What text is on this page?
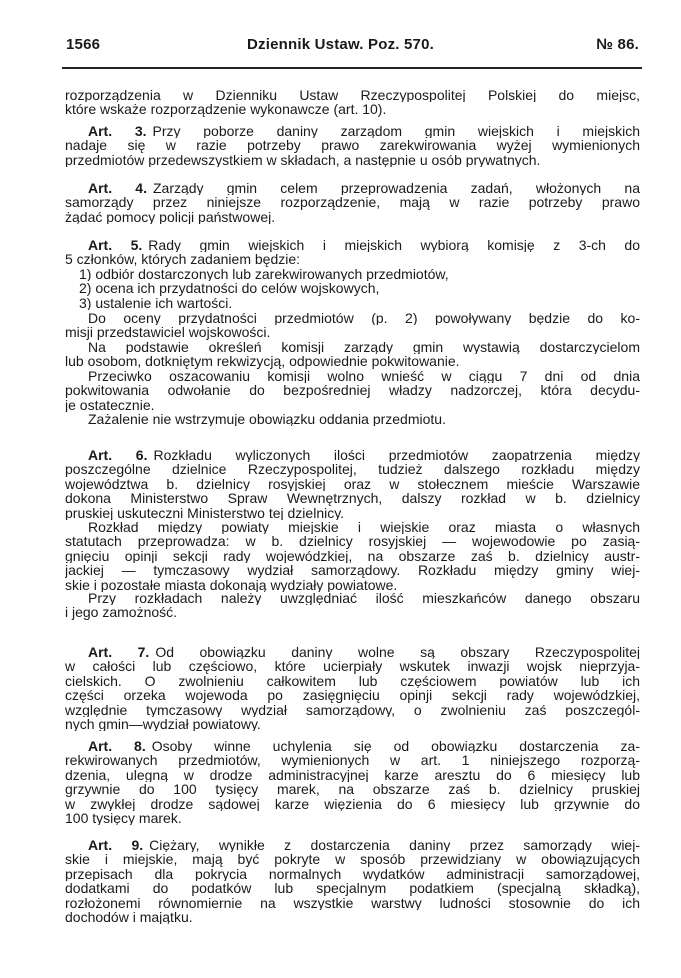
1566	Dziennik Ustaw. Poz. 570.	№ 86.
rozporządzenia w Dzienniku Ustaw Rzeczypospolitej Polskiej do miejsc,
które wskaże rozporządzenie wykonawcze (art. 10).
Art. 3. Przy poborze daniny zarządom gmin wiejskich i miejskich
nadaje się w razie potrzeby prawo zarekwirowania wyżej wymienionych
przedmiotów przedewszystkiem w składach, a następnie u osób prywatnych.
Art. 4. Zarządy gmin celem przeprowadzenia zadań, włożonych na
samorządy przez niniejsze rozporządzenie, mają w razie potrzeby prawo
żądać pomocy policji państwowej.
Art. 5. Rady gmin wiejskich i miejskich wybiorą komisję z 3-ch do
5 członków, których zadaniem będzie:
1) odbiór dostarczonych lub zarekwirowanych przedmiotów,
2) ocena ich przydatności do celów wojskowych,
3) ustalenie ich wartości.
Do oceny przydatności przedmiotów (p. 2) powoływany będzie do ko-
misji przedstawiciel wojskowości.
Na podstawie określeń komisji zarządy gmin wystawią dostarczycielom
lub osobom, dotkniętym rekwizycją, odpowiednie pokwitowanie.
Przeciwko oszacowaniu komisji wolno wnieść w ciągu 7 dni od dnia
pokwitowania odwołanie do bezpośredniej władzy nadzorczej, która decydu-
je ostatecznie.
Zażalenie nie wstrzymuje obowiązku oddania przedmiotu.
Art. 6. Rozkładu wyliczonych ilości przedmiotów zaopatrzenia między
poszczególne dzielnice Rzeczypospolitej, tudzież dalszego rozkładu między
województwa b. dzielnicy rosyjskiej oraz w stołecznem mieście Warszawie
dokona Ministerstwo Spraw Wewnętrznych, dalszy rozkład w b. dzielnicy
pruskiej uskuteczni Ministerstwo tej dzielnicy.
Rozkład między powiaty miejskie i wiejskie oraz miasta o własnych
statutach przeprowadza: w b. dzielnicy rosyjskiej — wojewodowie po zasią-
gnięciu opinji sekcji rady wojewódzkiej, na obszarze zaś b. dzielnicy austr-
jackiej — tymczasowy wydział samorządowy. Rozkładu między gminy wiej-
skie i pozostałe miasta dokonają wydziały powiatowe.
Przy rozkładach należy uwzględniać ilość mieszkańców danego obszaru
i jego zamożność.
Art. 7. Od obowiązku daniny wolne są obszary Rzeczypospolitej
w całości lub częściowo, które ucierpiały wskutek inwazji wojsk nieprzyja-
cielskich. O zwolnieniu całkowitem lub częściowem powiatów lub ich
części orzeka wojewoda po zasięgnięciu opinji sekcji rady wojewódzkiej,
względnie tymczasowy wydział samorządowy, o zwolnieniu zaś poszczegól-
nych gmin—wydział powiatowy.
Art. 8. Osoby winne uchylenia się od obowiązku dostarczenia za-
rekwirowanych przedmiotów, wymienionych w art. 1 niniejszego rozporzą-
dzenia, ulegną w drodze administracyjnej karze aresztu do 6 miesięcy lub
grzywnie do 100 tysięcy marek, na obszarze zaś b. dzielnicy pruskiej
w zwykłej drodze sądowej karze więzienia do 6 miesięcy lub grzywnie do
100 tysięcy marek.
Art. 9. Ciężary, wynikłe z dostarczenia daniny przez samorządy wiej-
skie i miejskie, mają być pokryte w sposób przewidziany w obowiązujących
przepisach dla pokrycia normalnych wydatków administracji samorządowej,
dodatkami do podatków lub specjalnym podatkiem (specjalną składką),
rozłożonemi równomiernie na wszystkie warstwy ludności stosownie do ich
dochodów i majątku.
